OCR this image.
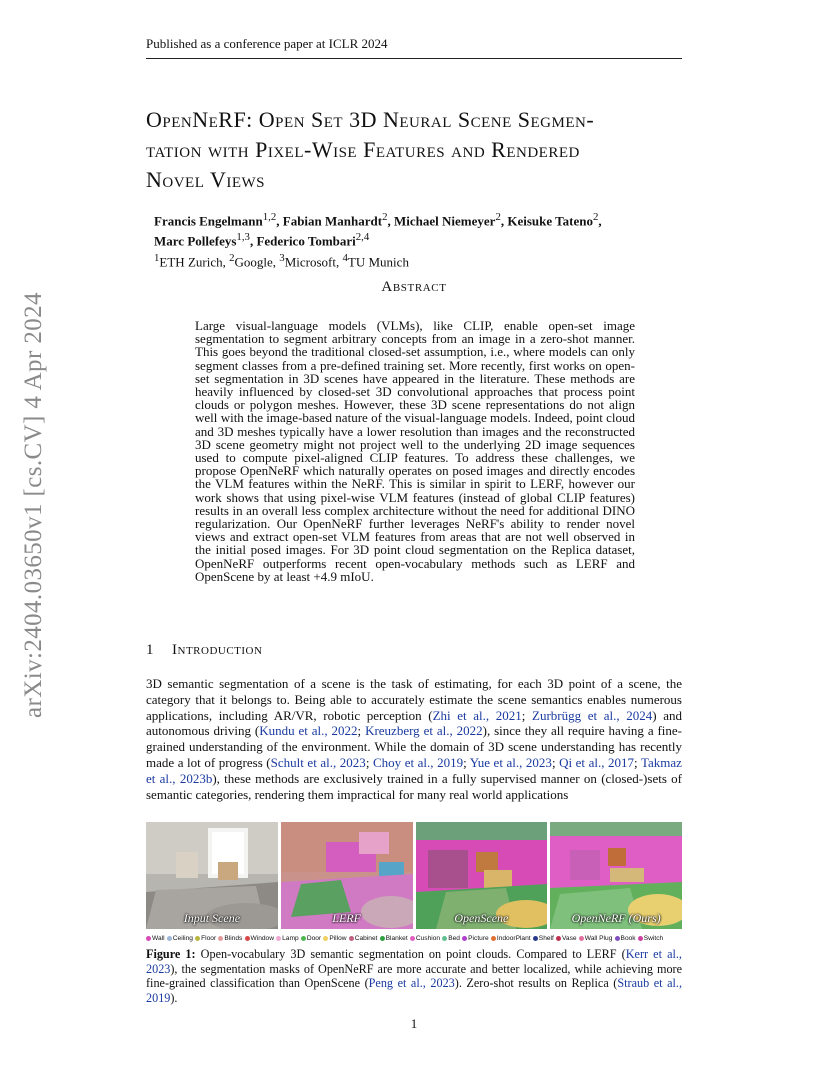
Published as a conference paper at ICLR 2024
arXiv:2404.03650v1 [cs.CV] 4 Apr 2024
OpenNeRF: Open Set 3D Neural Scene Segmen-
tation with Pixel-Wise Features and Rendered
Novel Views
Francis Engelmann$^{1,2}$, Fabian Manhardt$^2$, Michael Niemeyer$^2$, Keisuke Tateno$^2$,
Marc Pollefeys$^{1,3}$, Federico Tombari$^{2,4}$
$^1$ETH Zurich, $^2$Google, $^3$Microsoft, $^4$TU Munich
Abstract
Large visual-language models (VLMs), like CLIP, enable open-set image segmentation to segment arbitrary concepts from an image in a zero-shot manner. This goes beyond the traditional closed-set assumption, i.e., where models can only segment classes from a pre-defined training set. More recently, first works on open-set segmentation in 3D scenes have appeared in the literature. These methods are heavily influenced by closed-set 3D convolutional approaches that process point clouds or polygon meshes. However, these 3D scene representations do not align well with the image-based nature of the visual-language models. Indeed, point cloud and 3D meshes typically have a lower resolution than images and the reconstructed 3D scene geometry might not project well to the underlying 2D image sequences used to compute pixel-aligned CLIP features. To address these challenges, we propose OpenNeRF which naturally operates on posed images and directly encodes the VLM features within the NeRF. This is similar in spirit to LERF, however our work shows that using pixel-wise VLM features (instead of global CLIP features) results in an overall less complex architecture without the need for additional DINO regularization. Our OpenNeRF further leverages NeRF's ability to render novel views and extract open-set VLM features from areas that are not well observed in the initial posed images. For 3D point cloud segmentation on the Replica dataset, OpenNeRF outperforms recent open-vocabulary methods such as LERF and OpenScene by at least +4.9 mIoU.
1 Introduction
3D semantic segmentation of a scene is the task of estimating, for each 3D point of a scene, the category that it belongs to. Being able to accurately estimate the scene semantics enables numerous applications, including AR/VR, robotic perception (Zhi et al., 2021; Zurbrügg et al., 2024) and autonomous driving (Kundu et al., 2022; Kreuzberg et al., 2022), since they all require having a fine-grained understanding of the environment. While the domain of 3D scene understanding has recently made a lot of progress (Schult et al., 2023; Choy et al., 2019; Yue et al., 2023; Qi et al., 2017; Takmaz et al., 2023b), these methods are exclusively trained in a fully supervised manner on (closed-)sets of semantic categories, rendering them impractical for many real world applications
Input Scene	LERF	OpenScene	OpenNeRF (Ours)
Wall Ceiling Floor Blinds Window Lamp Door Pillow Cabinet Blanket Cushion Bed Picture IndoorPlant Shelf Vase Wall Plug Book Switch
Figure 1: Open-vocabulary 3D semantic segmentation on point clouds. Compared to LERF (Kerr et al., 2023), the segmentation masks of OpenNeRF are more accurate and better localized, while achieving more fine-grained classification than OpenScene (Peng et al., 2023). Zero-shot results on Replica (Straub et al., 2019).
1
